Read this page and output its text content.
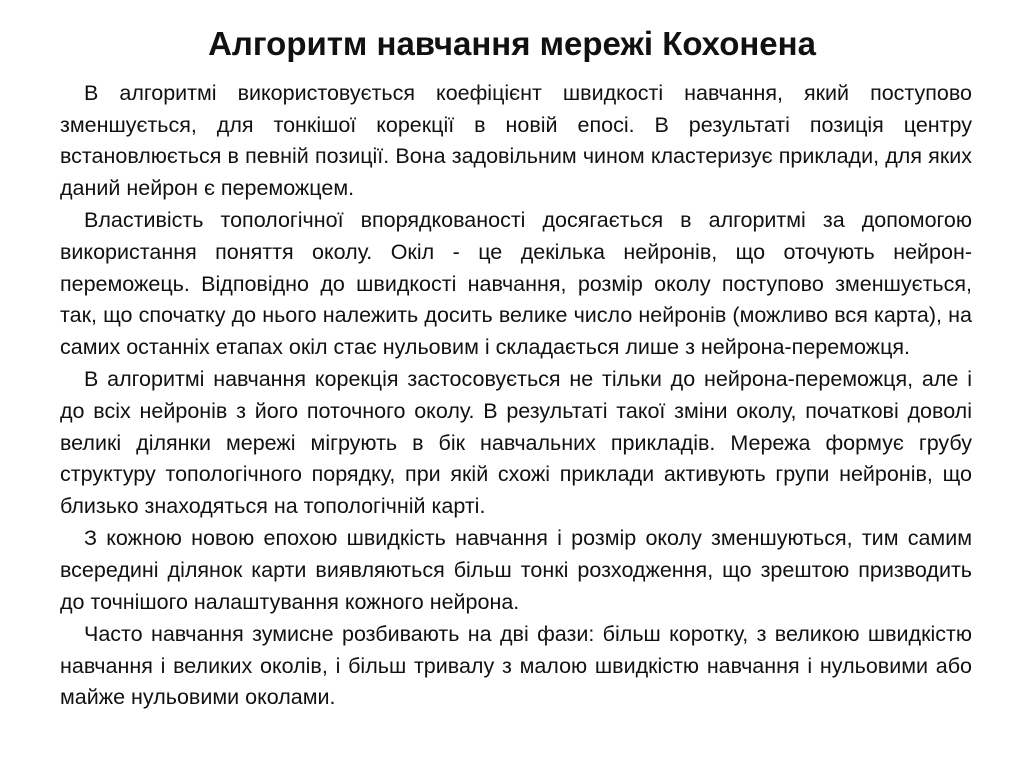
Алгоритм навчання мережі Кохонена

В алгоритмі використовується коефіцієнт швидкості навчання, який поступово зменшується, для тонкішої корекції в новій епосі. В результаті позиція центру встановлюється в певній позиції. Вона задовільним чином кластеризує приклади, для яких даний нейрон є переможцем.

Властивість топологічної впорядкованості досягається в алгоритмі за допомогою використання поняття околу. Окіл - це декілька нейронів, що оточують нейрон-переможець. Відповідно до швидкості навчання, розмір околу поступово зменшується, так, що спочатку до нього належить досить велике число нейронів (можливо вся карта), на самих останніх етапах окіл стає нульовим і складається лише з нейрона-переможця.

В алгоритмі навчання корекція застосовується не тільки до нейрона-переможця, але і до всіх нейронів з його поточного околу. В результаті такої зміни околу, початкові доволі великі ділянки мережі мігрують в бік навчальних прикладів. Мережа формує грубу структуру топологічного порядку, при якій схожі приклади активують групи нейронів, що близько знаходяться на топологічній карті.

З кожною новою епохою швидкість навчання і розмір околу зменшуються, тим самим всередині ділянок карти виявляються більш тонкі розходження, що зрештою призводить до точнішого налаштування кожного нейрона.

Часто навчання зумисне розбивають на дві фази: більш коротку, з великою швидкістю навчання і великих околів, і більш тривалу з малою швидкістю навчання і нульовими або майже нульовими околами.
